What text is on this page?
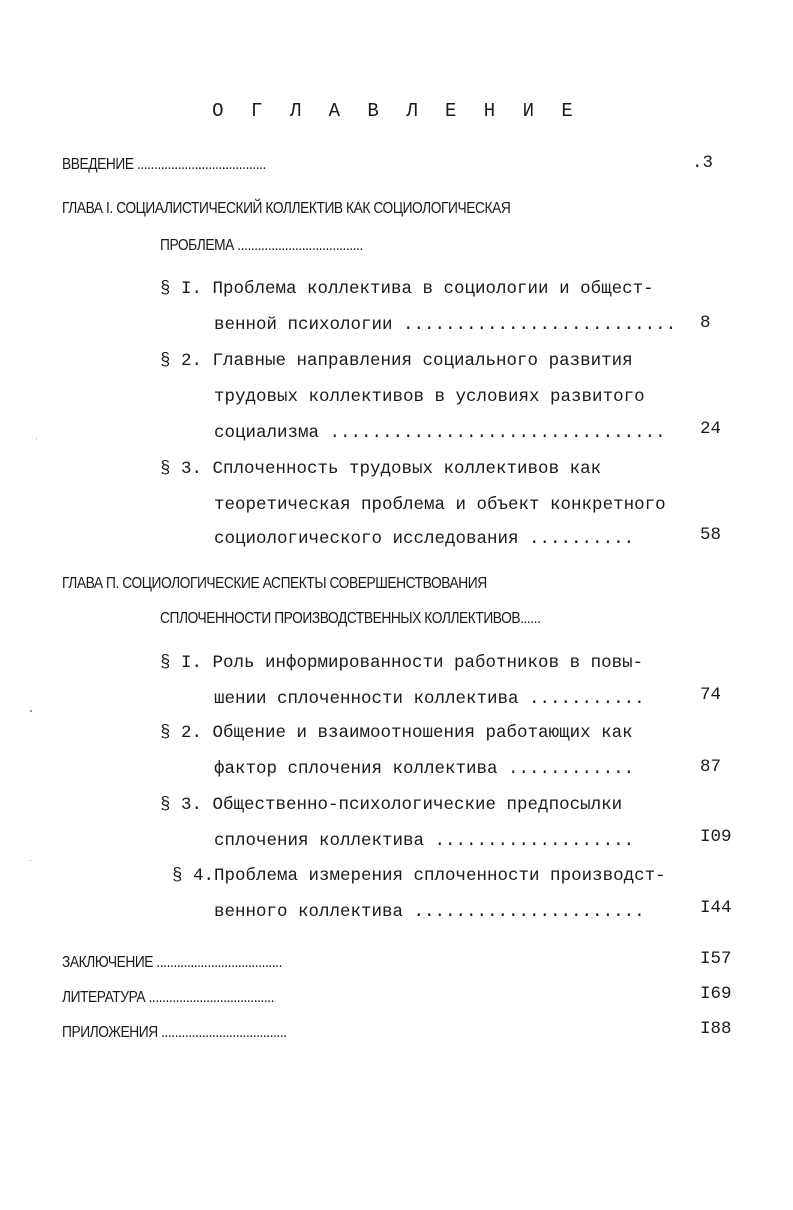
О Г Л А В Л Е Н И Е
ВВЕДЕНИЕ ......................................	.3
ГЛАВА I. СОЦИАЛИСТИЧЕСКИЙ КОЛЛЕКТИВ КАК СОЦИОЛОГИЧЕСКАЯ
ПРОБЛЕМА .....................................
§ I. Проблема коллектива в социологии и общест-
венной психологии .......................... 8
§ 2. Главные направления социального развития
трудовых коллективов в условиях развитого
социализма ................................ 24
§ 3. Сплоченность трудовых коллективов как
теоретическая проблема и объект конкретного
социологического исследования ..........	58
ГЛАВА П. СОЦИОЛОГИЧЕСКИЕ АСПЕКТЫ СОВЕРШЕНСТВОВАНИЯ
СПЛОЧЕННОСТИ ПРОИЗВОДСТВЕННЫХ КОЛЛЕКТИВОВ......
§ I. Роль информированности работников в повы-
шении сплоченности коллектива ...........	74
§ 2. Общение и взаимоотношения работающих как
фактор сплочения коллектива ............	87
§ 3. Общественно-психологические предпосылки
сплочения коллектива ...................	I09
§ 4.Проблема измерения сплоченности производст-
венного коллектива ......................	I44
ЗАКЛЮЧЕНИЕ .....................................	I57
ЛИТЕРАТУРА .....................................	I69
ПРИЛОЖЕНИЯ .....................................	I88
